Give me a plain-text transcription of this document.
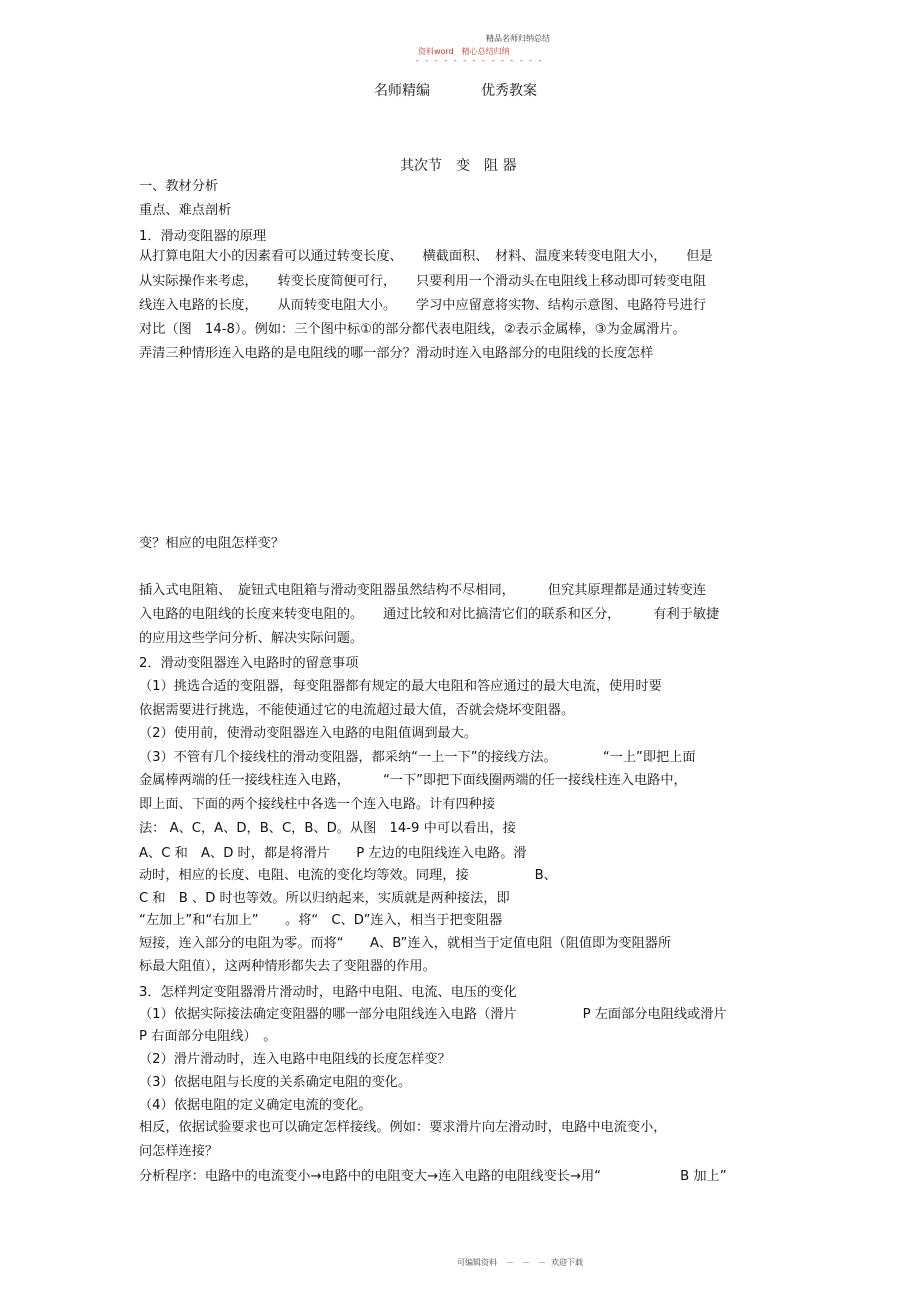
精品名师归纳总结
资料word　精心总结归纳
- - - - - - - - - - - - - -
名师精编	优秀教案
其次节　变　阻 器
一、教材分析
重点、难点剖析
1．滑动变阻器的原理
从打算电阻大小的因素看可以通过转变长度、　　横截面积、　材料、温度来转变电阻大小，　　但是
从实际操作来考虑，　　转变长度简便可行，　　只要利用一个滑动头在电阻线上移动即可转变电阻
线连入电路的长度，　　从而转变电阻大小。　　学习中应留意将实物、结构示意图、电路符号进行
对比（图　14-8）。例如：三个图中标①的部分都代表电阻线，②表示金属棒，③为金属滑片。
弄清三种情形连入电路的是电阻线的哪一部分？滑动时连入电路部分的电阻线的长度怎样
变？相应的电阻怎样变？
插入式电阻箱、　旋钮式电阻箱与滑动变阻器虽然结构不尽相同，　　　但究其原理都是通过转变连
入电路的电阻线的长度来转变电阻的。　　通过比较和对比搞清它们的联系和区分，　　　有利于敏捷
的应用这些学问分析、解决实际问题。
2．滑动变阻器连入电路时的留意事项
（1）挑选合适的变阻器，每变阻器都有规定的最大电阻和答应通过的最大电流，使用时要
依据需要进行挑选，不能使通过它的电流超过最大值，否就会烧坏变阻器。
（2）使用前，使滑动变阻器连入电路的电阻值调到最大。
（3）不管有几个接线柱的滑动变阻器，都采纳“一上一下”的接线方法。　　　　“一上”即把上面
金属棒两端的任一接线柱连入电路，　　　“一下”即把下面线圈两端的任一接线柱连入电路中，
即上面、下面的两个接线柱中各选一个连入电路。计有四种接
法： A、C，A、D，B、C，B、D。从图　14-9 中可以看出，接
A、C 和　A、D 时，都是将滑片　　P 左边的电阻线连入电路。滑
动时，相应的长度、电阻、电流的变化均等效。同理，接　　　　　B、
C 和　B 、D 时也等效。所以归纳起来，实质就是两种接法，即
“左加上”和“右加上”　　。将“　C、D”连入，相当于把变阻器
短接，连入部分的电阻为零。而将“　　A、B”连入，就相当于定值电阻（阻值即为变阻器所
标最大阻值），这两种情形都失去了变阻器的作用。
3．怎样判定变阻器滑片滑动时，电路中电阻、电流、电压的变化
（1）依据实际接法确定变阻器的哪一部分电阻线连入电路（滑片　　　　　P 左面部分电阻线或滑片
P 右面部分电阻线）　。
（2）滑片滑动时，连入电路中电阻线的长度怎样变？
（3）依据电阻与长度的关系确定电阻的变化。
（4）依据电阻的定义确定电流的变化。
相反，依据试验要求也可以确定怎样接线。例如：要求滑片向左滑动时，电路中电流变小，
问怎样连接？
分析程序：电路中的电流变小→电路中的电阻变大→连入电路的电阻线变长→用“　　　　　　B 加上”
可编辑资料 －　－　－ 欢迎下载
